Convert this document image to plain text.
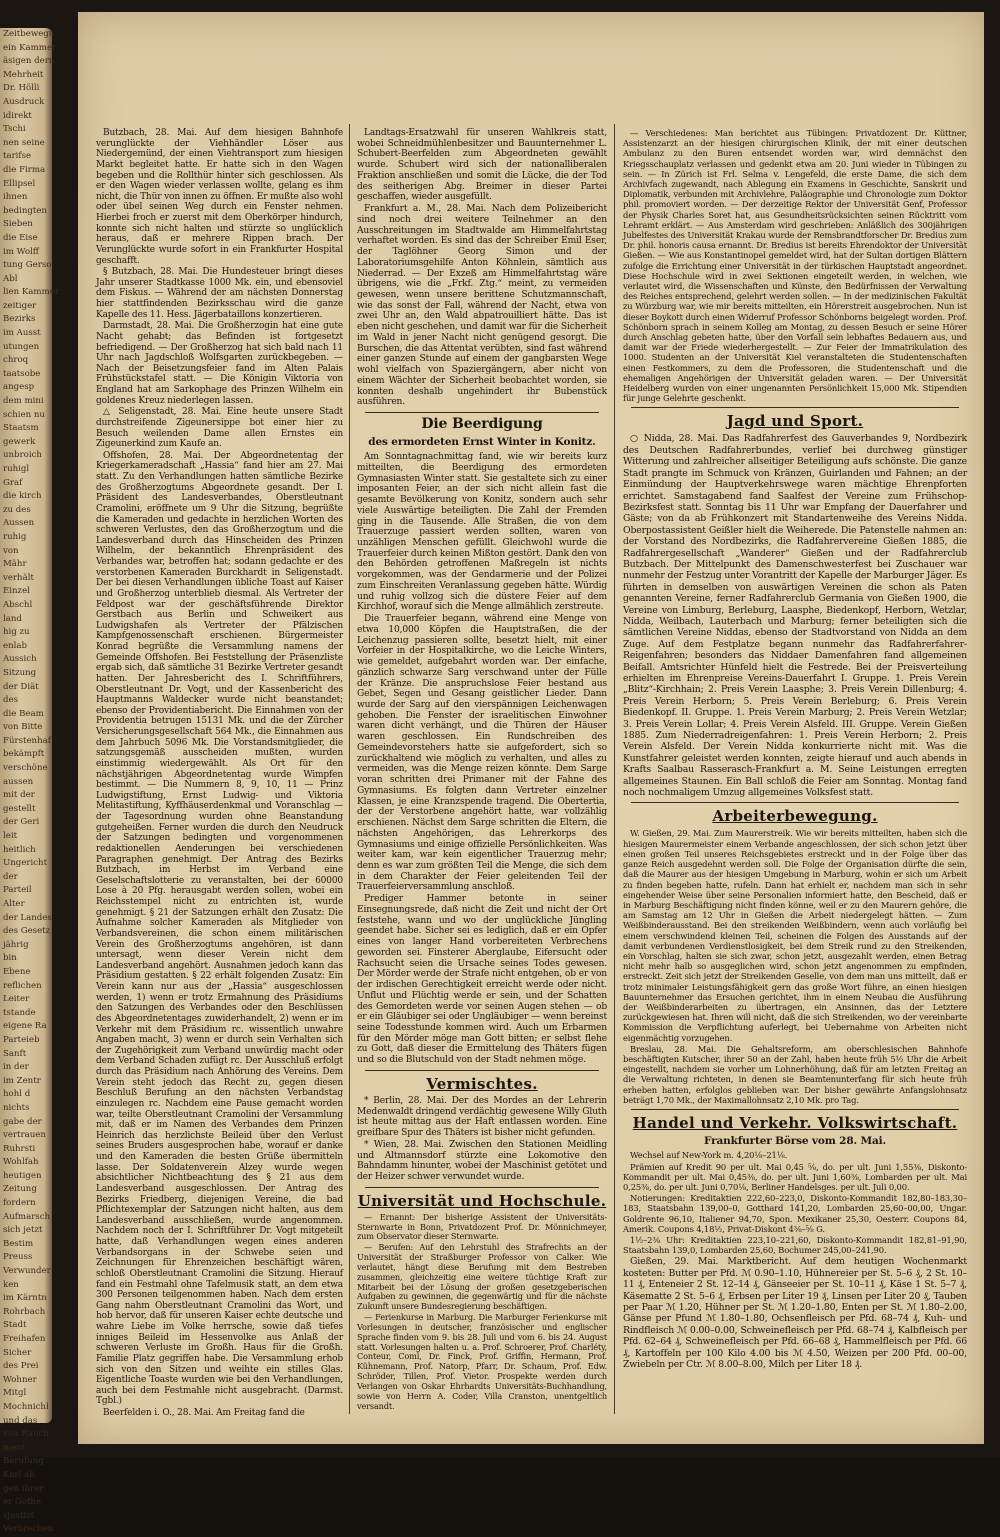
Zeitbewegu
ein Kammer
äsigen dern
Mehrheit
Dr. Hölli
Ausdruck
idirekt
Tschi
nen seine
tarifse
die Firma
Ellipsel
ihnen
bedingten
Sieben
die Eise
im Wolff
tung Gerso
Abl
lien Kammer
zeitiger
Bezirks
im Ausst
utungen
chroq
taatsobe
angesp
dem mini
schien nu
Staatsm
gewerk
unbroich
ruhigl
Graf
die kirch
zu des
Aussen
ruhig
von
Mähr
verhält
Einzel
Abschl
land
hig zu
enlab
Aussich
Sitzung
der Diät
des
die Beam
von Bitte
Fürstenhaf
bekämpft
verschöne
aussen
mit der
gestellt
der Geri
leit
heitlich
Ungericht
der
Parteil
Alter
der Landes
des Gesetz
jährig
bin
Ebene
reflichen
Leiter
tstande
eigene Ra
Parteieb
Sanft
in der
im Zentr
hohl d
nichts
gabe der
vertrauen
Ruhrsti
Wohlfah
heutigen
Zeitung
fordern
Aufmarsch
sich jetzt
Bestim
Preuss
Verwunder
ken
im Kärntn
Rohrbach
Stadt
Freihafen
Sicher
des Prei
Wohner
Mitgl
Mochnichl
und das
von Rauch
ment
Berufung
Karl ab
gen ihrer
er Gothe
sjustizt
Verbrechen

Butzbach, 28. Mai. Auf dem hiesigen Bahnhofe verunglückte der Viehhändler Löser aus Niedergemünd, der einen Viehtransport zum hiesigen Markt begleitet hatte. Er hatte sich in den Wagen begeben und die Rollthür hinter sich geschlossen. Als er den Wagen wieder verlassen wollte, gelang es ihm nicht, die Thür von innen zu öffnen. Er mußte also wohl oder übel seinen Weg durch ein Fenster nehmen. Hierbei froch er zuerst mit dem Oberkörper hindurch, konnte sich nicht halten und stürzte so unglücklich heraus, daß er mehrere Rippen brach. Der Verunglückte wurde sofort in ein Frankfurter Hospital geschafft.

§ Butzbach, 28. Mai. Die Hundesteuer bringt dieses Jahr unserer Stadtkasse 1000 Mk. ein, und ebensoviel dem Fiskus. — Während der am nächsten Donnerstag hier stattfindenden Bezirksschau wird die ganze Kapelle des 11. Hess. Jägerbataillons konzertieren.

Darmstadt, 28. Mai. Die Großherzogin hat eine gute Nacht gehabt; das Befinden ist fortgesetzt befriedigend. — Der Großherzog hat sich bald nach 11 Uhr nach Jagdschloß Wolfsgarten zurückbegeben. — Nach der Beisetzungsfeier fand im Alten Palais Frühstückstafel statt. — Die Königin Viktoria von England hat am Sarkophage des Prinzen Wilhelm ein goldenes Kreuz niederlegen lassen.

△ Seligenstadt, 28. Mai. Eine heute unsere Stadt durchstreifende Zigeunersippe bot einer hier zu Besuch weilenden Dame allen Ernstes ein Zigeunerkind zum Kaufe an.

Offshofen, 28. Mai. Der Abgeordnetentag der Kriegerkameradschaft „Hassia“ fand hier am 27. Mai statt. Zu den Verhandlungen hatten sämtliche Bezirke des Großherzogtums Abgeordnete gesandt. Der I. Präsident des Landesverbandes, Oberstleutnant Cramolini, eröffnete um 9 Uhr die Sitzung, begrüßte die Kameraden und gedachte in herzlichen Worten des schweren Verlustes, den das Großherzogtum und die Landesverband durch das Hinscheiden des Prinzen Wilhelm, der bekanntlich Ehrenpräsident des Verbandes war, betroffen hat; sodann gedachte er des verstorbenen Kameraden Burckhardt in Seligenstadt. Der bei diesen Verhandlungen übliche Toast auf Kaiser und Großherzog unterblieb diesmal. Als Vertreter der Feldpost war der geschäftsführende Direktor Gerstbach aus Berlin und Schweikert aus Ludwigshafen als Vertreter der Pfälzischen Kampfgenossenschaft erschienen. Bürgermeister Konrad begrüßte die Versammlung namens der Gemeinde Offshofen. Bei Feststellung der Präsenzliste ergab sich, daß sämtliche 31 Bezirke Vertreter gesandt hatten. Der Jahresbericht des I. Schriftführers, Oberstleutnant Dr. Vogt, und der Kassenbericht des Hauptmanns Waldecker wurde nicht beanstandet; ebenso der Providentiabericht. Die Einnahmen von der Providentia betrugen 15131 Mk. und die der Zürcher Versicherungsgesellschaft 564 Mk., die Einnahmen aus dem Jahrbuch 5096 Mk. Die Vorstandsmitglieder, die satzungsgemäß ausscheiden mußten, wurden einstimmig wiedergewählt. Als Ort für den nächstjährigen Abgeordnetentag wurde Wimpfen bestimmt. — Die Nummern 8, 9, 10, 11 — Prinz Ludwigstiftung, Ernst Ludwig- und Viktoria Melitastiftung, Kyffhäuserdenkmal und Voranschlag — der Tagesordnung wurden ohne Beanstandung gutgeheißen. Ferner wurden die durch den Neudruck der Satzungen bedingten und vorgenommenen redaktionellen Aenderungen bei verschiedenen Paragraphen genehmigt. Der Antrag des Bezirks Butzbach, im Herbst im Verband eine Geselschaftslotterie zu veranstalten, bei der 60000 Lose à 20 Pfg. herausgabt werden sollen, wobei ein Reichsstempel nicht zu entrichten ist, wurde genehmigt. § 21 der Satzungen erhält den Zusatz: Die Aufnahme solcher Kameraden als Mitglieder von Verbandsvereinen, die schon einem militärischen Verein des Großherzogtums angehören, ist dann untersagt, wenn dieser Verein nicht dem Landesverband angehört. Ausnahmen jedoch kann das Präsidium gestatten. § 22 erhält folgenden Zusatz: Ein Verein kann nur aus der „Hassia“ ausgeschlossen werden, 1) wenn er trotz Ermahnung des Präsidiums den Satzungen des Verbandes oder den Beschlüssen des Abgeordnetentages zuwiderhandelt, 2) wenn er im Verkehr mit dem Präsidium rc. wissentlich unwahre Angaben macht, 3) wenn er durch sein Verhalten sich der Zugehörigkeit zum Verband unwürdig macht oder dem Verband Schaden zufügt rc. Der Ausschluß erfolgt durch das Präsidium nach Anhörung des Vereins. Dem Verein steht jedoch das Recht zu, gegen diesen Beschluß Berufung an den nächsten Verbandstag einzulegen rc. Nachdem eine Pause gemacht worden war, teilte Oberstleutnant Cramolini der Versammlung mit, daß er im Namen des Verbandes dem Prinzen Heinrich das herzlichste Beileid über den Verlust seines Bruders ausgesprochen habe, worauf er danke und den Kameraden die besten Grüße übermitteln lasse. Der Soldatenverein Alzey wurde wegen absichtlicher Nichtbeachtung des § 21 aus dem Landesverband ausgeschlossen. Der Antrag des Bezirks Friedberg, diejenigen Vereine, die bad Pflichtexemplar der Satzungen nicht halten, aus dem Landesverband ausschließen, wurde angenommen. Nachdem noch der I. Schriftführer Dr. Vogt mitgeteilt hatte, daß Verhandlungen wegen eines anderen Verbandsorgans in der Schwebe seien und Zeichnungen für Ehrenzeichen beschäftigt wären, schloß Oberstleutnant Cramolini die Sitzung. Hierauf fand ein Festmahl ohne Tafelmusik statt, an dem etwa 300 Personen teilgenommen haben. Nach dem ersten Gang nahm Oberstleutnant Cramolini das Wort, und hob hervor, daß für unseren Kaiser echte deutsche und wahre Liebe im Volke herrsche, sowie daß tiefes inniges Beileid im Hessenvolke aus Anlaß der schweren Verluste im Großh. Haus für die Großh. Familie Platz gegriffen habe. Die Versammlung erhob sich von den Sitzen und weihte ein stilles Glas. Eigentliche Toaste wurden wie bei den Verhandlungen, auch bei dem Festmahle nicht ausgebracht. (Darmst. Tgbl.)

Beerfelden i. O., 28. Mai. Am Freitag fand die

Landtags-Ersatzwahl für unseren Wahlkreis statt, wobei Schneidmühlenbesitzer und Bauunternehmer L. Schubert-Beerfelden zum Abgeordneten gewählt wurde. Schubert wird sich der nationalliberalen Fraktion anschließen und somit die Lücke, die der Tod des seitherigen Abg. Breimer in dieser Partei geschaffen, wieder ausgefüllt.

Frankfurt a. M., 28. Mai. Nach dem Polizeibericht sind noch drei weitere Teilnehmer an den Ausschreitungen im Stadtwalde am Himmelfahrtstag verhaftet worden. Es sind das der Schreiber Emil Eser, der Taglöhner Georg Simon und der Laboratoriumsgehilfe Anton Köhnlein, sämtlich aus Niederrad. — Der Exzeß am Himmelfahrtstag wäre übrigens, wie die „Frkf. Ztg.“ meint, zu vermeiden gewesen, wenn unsere berittene Schutzmannschaft, wie das sonst der Fall, während der Nacht, etwa von zwei Uhr an, den Wald abpatrouilliert hätte. Das ist eben nicht geschehen, und damit war für die Sicherheit im Wald in jener Nacht nicht genügend gesorgt. Die Burschen, die das Attentat verübten, sind fast während einer ganzen Stunde auf einem der gangbarsten Wege wohl vielfach von Spaziergängern, aber nicht von einem Wächter der Sicherheit beobachtet worden, sie konnten deshalb ungehindert ihr Bubenstück ausführen.

Die Beerdigung
des ermordeten Ernst Winter in Konitz.

Am Sonntagnachmittag fand, wie wir bereits kurz mitteilten, die Beerdigung des ermordeten Gymnasiasten Winter statt. Sie gestaltete sich zu einer imposanten Feier, an der sich nicht allein fast die gesamte Bevölkerung von Konitz, sondern auch sehr viele Auswärtige beteiligten. Die Zahl der Fremden ging in die Tausende. Alle Straßen, die von dem Trauerzuge passiert werden sollten, waren von unzähligen Menschen gefüllt. Gleichwohl wurde die Trauerfeier durch keinen Mißton gestört. Dank den von den Behörden getroffenen Maßregeln ist nichts vorgekommen, was der Gendarmerie und der Polizei zum Einschreiten Veranlassung gegeben hätte. Würdig und ruhig vollzog sich die düstere Feier auf dem Kirchhof, worauf sich die Menge allmählich zerstreute.

Die Trauerfeier begann, während eine Menge von etwa 10,000 Köpfen die Hauptstraßen, die der Leichenzug passieren sollte, besetzt hielt, mit einer Vorfeier in der Hospitalkirche, wo die Leiche Winters, wie gemeldet, aufgebahrt worden war. Der einfache, gänzlich schwarze Sarg verschwand unter der Fülle der Kränze. Die anspruchslose Feier bestand aus Gebet, Segen und Gesang geistlicher Lieder. Dann wurde der Sarg auf den vierspännigen Leichenwagen gehoben. Die Fenster der israelitischen Einwohner waren dicht verhängt, und die Thüren der Häuser waren geschlossen. Ein Rundschreiben des Gemeindevorstehers hatte sie aufgefordert, sich so zurückhaltend wie möglich zu verhalten, und alles zu vermeiden, was die Menge reizen könnte. Dem Sarge voran schritten drei Primaner mit der Fahne des Gymnasiums. Es folgten dann Vertreter einzelner Klassen, je eine Kranzspende tragend. Die Obertertia, der der Verstorbene angehört hatte, war vollzählig erschienen. Nächst dem Sarge schritten die Eltern, die nächsten Angehörigen, das Lehrerkorps des Gymnasiums und einige offizielle Persönlichkeiten. Was weiter kam, war kein eigentlicher Trauerzug mehr; denn es war zum größten Teil die Menge, die sich dem in dem Charakter der Feier geleitenden Teil der Trauerfeierversammlung anschloß.

Prediger Hammer betonte in seiner Einsegnungsrede, daß nicht die Zeit und nicht der Ort feststehe, wann und wo der unglückliche Jüngling geendet habe. Sicher sei es lediglich, daß er ein Opfer eines von langer Hand vorbereiteten Verbrechens geworden sei. Finsterer Aberglaube, Eifersucht oder Rachsucht seien die Ursache seines Todes gewesen. Der Mörder werde der Strafe nicht entgehen, ob er von der irdischen Gerechtigkeit erreicht werde oder nicht. Unflut und Flüchtig werde er sein, und der Schatten des Gemordeten werde vor seinen Augen stehen — ob er ein Gläubiger sei oder Ungläubiger — wenn bereinst seine Todesstunde kommen wird. Auch um Erbarmen für den Mörder möge man Gott bitten; er selbst flehe zu Gott, daß dieser die Ermittelung des Thäters fügen und so die Blutschuld von der Stadt nehmen möge.

Vermischtes.

* Berlin, 28. Mai. Der des Mordes an der Lehrerin Medenwaldt dringend verdächtig gewesene Willy Gluth ist heute mittag aus der Haft entlassen worden. Eine greifbare Spur des Thäters ist bisher nicht gefunden.

* Wien, 28. Mai. Zwischen den Stationen Meidling und Altmannsdorf stürzte eine Lokomotive den Bahndamm hinunter, wobei der Maschinist getötet und der Heizer schwer verwundet wurde.

Universität und Hochschule.

— Ernannt: Der bisherige Assistent der Universitäts-Sternwarte in Bonn, Privatdozent Prof. Dr. Mönnichmeyer, zum Observator dieser Sternwarte.

— Berufen: Auf den Lehrstuhl des Strafrechts an der Universität der Straßburger Professor von Calker. Wie verlautet, hängt diese Berufung mit dem Bestreben zusammen, gleichzeitig eine weitere tüchtige Kraft zur Mitarbeit bei der Lösung der großen gesetzgeberischen Aufgaben zu gewinnen, die gegenwärtig und für die nächste Zukunft unsere Bundesregierung beschäftigen.

— Ferienkurse in Marburg. Die Marburger Ferienkurse mit Vorlesungen in deutscher, französischer und englischer Sprache finden vom 9. bis 28. Juli und vom 6. bis 24. August statt. Vorlesungen halten u. a. Prof. Schroerer, Prof. Charléty, Conteur, Coml, Dr. Finck, Prof. Griffin, Hermann, Prof. Kühnemann, Prof. Natorp, Pfarr, Dr. Schaum, Prof. Edw. Schröder, Tillen, Prof. Vietor. Prospekte werden durch Verlangen von Oskar Ehrhardts Universitäts-Buchhandlung, sowie von Herrn A. Coder, Villa Cranston, unentgeltlich versandt.

— Verschiedenes: Man berichtet aus Tübingen: Privatdozent Dr. Küttner, Assistenzarzt an der hiesigen chirurgischen Klinik, der mit einer deutschen Ambulanz zu den Buren entsendet worden war, wird demnächst den Kriegsschauplatz verlassen und gedenkt etwa am 20. Juni wieder in Tübingen zu sein. — In Zürich ist Frl. Selma v. Lengefeld, die erste Dame, die sich dem Archivfach zugewandt, nach Ablegung ein Examens in Geschichte, Sanskrit und Diplomatik, verbunden mit Archivlehre, Paläographie und Chronologie zum Doktor phil. promoviert worden. — Der derzeitige Rektor der Universität Genf, Professor der Physik Charles Soret hat, aus Gesundheitsrücksichten seinen Rücktritt vom Lehramt erklärt. — Aus Amsterdam wird geschrieben: Anläßlich des 300jährigen Jubelfestes des Universität Krakau wurde der Remsbrandtforscher Dr. Bredius zum Dr. phil. honoris causa ernannt. Dr. Bredius ist bereits Ehrendoktor der Universität Gießen. — Wie aus Konstantinopel gemeldet wird, hat der Sultan dortigen Blättern zufolge die Errichtung einer Universität in der türkischen Hauptstadt angeordnet. Diese Hochschule wird in zwei Sektionen eingeteilt werden, in welchen, wie verlautet wird, die Wissenschaften und Künste, den Bedürfnissen der Verwaltung des Reiches entsprechend, gelehrt werden sollen. — In der medizinischen Fakultät zu Würzburg war, wie mir bereits mitteilten, ein Hörerstreit ausgebrochen. Nun ist dieser Boykott durch einen Widerruf Professor Schönborns beigelegt worden. Prof. Schönborn sprach in seinem Kolleg am Montag, zu dessen Besuch er seine Hörer durch Anschlag gebeten hatte, über den Vorfall sein lebhaftes Bedauern aus, und damit war der Friede wiederhergestellt. — Zur Feier der Immatrikulation des 1000. Studenten an der Universität Kiel veranstalteten die Studentenschaften einen Festkommers, zu dem die Professoren, die Studentenschaft und die ehemaligen Angehörigen der Universität geladen waren. — Der Universität Heidelberg wurden von einer ungenannten Persönlichkeit 15,000 Mk. Stipendien für junge Gelehrte geschenkt.

Jagd und Sport.

○ Nidda, 28. Mai. Das Radfahrerfest des Gauverbandes 9, Nordbezirk des Deutschen Radfahrerbundes, verlief bei durchweg günstiger Witterung und zahlreicher allseitiger Beteiligung aufs schönste. Die ganze Stadt prangte im Schmuck von Kränzen, Guirlanden und Fahnen; an der Einmündung der Hauptverkehrswege waren mächtige Ehrenpforten errichtet. Samstagabend fand Saalfest der Vereine zum Frühschop-Bezirksfest statt. Sonntag bis 11 Uhr war Empfang der Dauerfahrer und Gäste; von da ab Frühkonzert mit Standartenweihe des Vereins Nidda. Oberpostassistent Geißler hielt die Weiherede. Die Patenstelle nahmen an: der Vorstand des Nordbezirks, die Radfahrervereine Gießen 1885, die Radfahrergesellschaft „Wanderer“ Gießen und der Radfahrerclub Butzbach. Der Mittelpunkt des Damenschwesterfest bei Zuschauer war nunmehr der Festzug unter Vorantritt der Kapelle der Marburger Jäger. Es führten in demselben von auswärtigen Vereinen die schon als Paten genannten Vereine, ferner Radfahrerclub Germania von Gießen 1900, die Vereine von Limburg, Berleburg, Laasphe, Biedenkopf, Herborn, Wetzlar, Nidda, Weilbach, Lauterbach und Marburg; ferner beteiligten sich die sämtlichen Vereine Niddas, ebenso der Stadtvorstand von Nidda an dem Zuge. Auf dem Festplatze begann nunmehr das Radfahrerfahrer-Reigenfahren; besonders das Niddaer Damenfahren fand allgemeinen Beifall. Amtsrichter Hünfeld hielt die Festrede. Bei der Preisverteilung erhielten im Ehrenpreise Vereins-Dauerfahrt I. Gruppe. 1. Preis Verein „Blitz“-Kirchhain; 2. Preis Verein Laasphe; 3. Preis Verein Dillenburg; 4. Preis Verein Herborn; 5. Preis Verein Berleburg; 6. Preis Verein Biedenkopf. II. Gruppe. 1. Preis Verein Marburg; 2. Preis Verein Wetzlar; 3. Preis Verein Lollar; 4. Preis Verein Alsfeld. III. Gruppe. Verein Gießen 1885. Zum Niederradreigenfahren: 1. Preis Verein Herborn; 2. Preis Verein Alsfeld. Der Verein Nidda konkurrierte nicht mit. Was die Kunstfahrer geleistet werden konnten, zeigte hierauf und auch abends in Krafts Saalbau Rasserasch-Frankfurt a. M. Seine Leistungen erregten allgemeines Staunen. Ein Ball schloß die Feier am Sonntag. Montag fand noch nochmaligem Umzug allgemeines Volksfest statt.

Arbeiterbewegung.

W. Gießen, 29. Mai. Zum Maurerstreik. Wie wir bereits mitteilten, haben sich die hiesigen Maurermeister einem Verbande angeschlossen, der sich schon jetzt über einen großen Teil unseres Reichsgebietes erstreckt und in der Folge über das ganze Reich ausgedehnt werden soll. Die Folge der Organisation dürfte die sein, daß die Maurer aus der hiesigen Umgebung in Marburg, wohin er sich um Arbeit zu finden begeben hatte, rufeln. Dann hat erhielt er, nachdem man sich in sehr eingehender Weise über seine Personalien informiert hatte, den Bescheid, daß er in Marburg Beschäftigung nicht finden könne, weil er zu den Maurern gehöre, die am Samstag am 12 Uhr in Gießen die Arbeit niedergelegt hätten. — Zum Weißbinderausstand. Bei den streikenden Weißbindern, wenn auch vorläufig bei einem verschwindend kleinen Teil, scheinen die Folgen des Ausstands auf der damit verbundenen Verdienstlosigkeit, bei dem Streik rund zu den Streikenden, ein Vorschlag, halten sie sich zwar, schon jetzt, ausgezahlt werden, einen Betrag nicht mehr halb so ausgeglichen wird, schon jetzt angenommen zu empfinden, erstreckt. Zeit sich jetzt der Streikenden Geselle, von dem man uns mitteilt, daß er trotz minimaler Leistungsfähigkeit gern das große Wort führe, an einen hiesigen Bauunternehmer das Ersuchen gerichtet, ihm in einem Neubau die Ausführung der Weißbinderarbeiten zu übertragen, ein Ansinnen, das der Letztere zurückgewiesen hat. Ihren will nicht, daß die sich Streikenden, wo der vereinbarte Kommission die Verpflichtung auferlegt, bei Uebernahme von Arbeiten nicht eigenmächtig vorzugehen.

Breslau, 28. Mai. Die Gehaltsreform, am oberschlesischen Bahnhofe beschäftigten Kutscher, ihrer 50 an der Zahl, haben heute früh 5½ Uhr die Arbeit eingestellt, nachdem sie vorher um Lohnerhöhung, daß für am letzten Freitag an die Verwaltung richteten, in denen sie Beamtenunterfang für sich heute früh erheben hatten, erfolglos geblieben war. Der bisher gewährte Anfangslohnsatz beträgt 1,70 Mk., der Maximallohnsatz 2,10 Mk. pro Tag.

Handel und Verkehr. Volkswirtschaft.
Frankfurter Börse vom 28. Mai.

Wechsel auf New-York m. 4,20⅛–21⅛.

Prämien auf Kredit 90 per ult. Mai 0,45 ⅝, do. per ult. Juni 1,55⅜, Diskonto-Kommandit per ult. Mai 0,45⅜, do. per ult. Juni 1,60⅜, Lombarden per ult. Mai 0,25⅜, do. per ult. Juni 0,70⅛, Berliner Handelsges. per ult. Juli 0,00.

Notierungen: Kreditaktien 222,60–223,0, Diskonto-Kommandit 182,80–183,30–183, Staatsbahn 139,00–0, Gotthard 141,20, Lombarden 25,60–00,00, Ungar. Goldrente 96,10, Italiener 94,70, Spon. Mexikaner 25,30, Oesterr. Coupons 84, Amerik. Coupons 4,18½, Privat-Diskont 4⅜–⅝ G.

1½–2⅜ Uhr: Kreditaktien 223,10–221,60, Diskonto-Kommandit 182,81–91,90, Staatsbahn 139,0, Lombarden 25,60, Bochumer 245,00–241,90.

Gießen, 29. Mai. Marktbericht. Auf dem heutigen Wochenmarkt kosteten: Butter per Pfd. ℳ 0.90–1.10, Hühnereier per St. 5–6 ₰, 2 St. 10–11 ₰, Enteneier 2 St. 12–14 ₰, Gänseeier per St. 10–11 ₰, Käse 1 St. 5–7 ₰, Käsematte 2 St. 5–6 ₰, Erbsen per Liter 19 ₰, Linsen per Liter 20 ₰, Tauben per Paar ℳ 1.20, Hühner per St. ℳ 1.20–1.80, Enten per St. ℳ 1.80–2.00, Gänse per Pfund ℳ 1.80–1.80, Ochsenfleisch per Pfd. 68–74 ₰, Kuh- und Rindfleisch ℳ 0.00–0.00, Schweinefleisch per Pfd. 68–74 ₰, Kalbfleisch per Pfd. 62–64 ₰, Schweinefleisch per Pfd. 66–68 ₰, Hammelfleisch per Pfd. 66 ₰, Kartoffeln per 100 Kilo 4.00 bis ℳ 4.50, Weizen per 200 Pfd. 00–00, Zwiebeln per Ctr. ℳ 8.00–8.00, Milch per Liter 18 ₰.
